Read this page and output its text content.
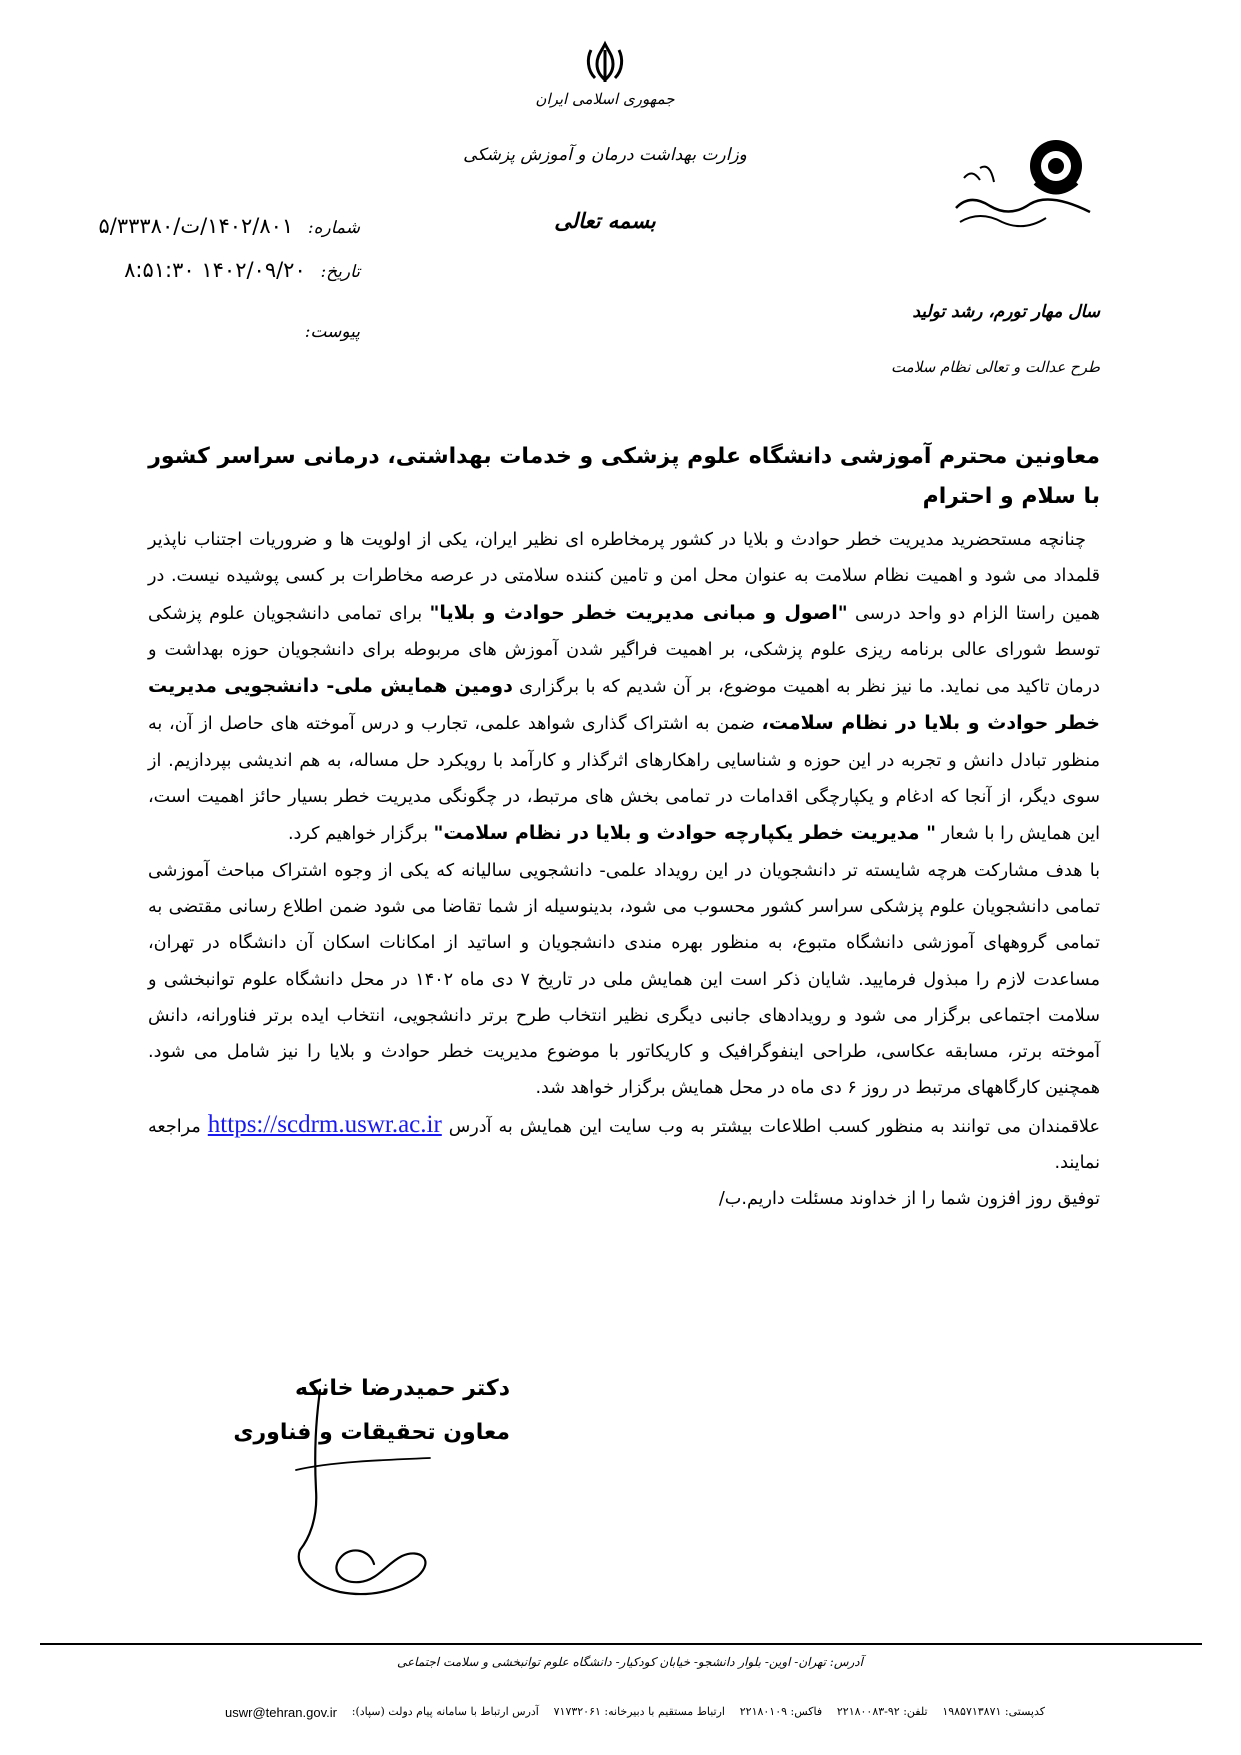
جمهوری اسلامی ایران
وزارت بهداشت درمان و آموزش پزشکی
بسمه تعالی
سال مهار تورم، رشد تولید
طرح عدالت و تعالی نظام سلامت
شماره: ۱۴۰۲/۸۰۱/ت/۵/۳۳۳۸۰
تاریخ: ۱۴۰۲/۰۹/۲۰ ۸:۵۱:۳۰
پیوست:
معاونین محترم آموزشی دانشگاه علوم پزشکی و خدمات بهداشتی، درمانی سراسر کشور
با سلام و احترام

چنانچه مستحضرید مدیریت خطر حوادث و بلایا در کشور پرمخاطره ای نظیر ایران، یکی از اولویت ها و ضروریات اجتناب ناپذیر قلمداد می شود و اهمیت نظام سلامت به عنوان محل امن و تامین کننده سلامتی در عرصه مخاطرات بر کسی پوشیده نیست. در همین راستا الزام دو واحد درسی "اصول و مبانی مدیریت خطر حوادث و بلایا" برای تمامی دانشجویان علوم پزشکی توسط شورای عالی برنامه ریزی علوم پزشکی، بر اهمیت فراگیر شدن آموزش های مربوطه برای دانشجویان حوزه بهداشت و درمان تاکید می نماید. ما نیز نظر به اهمیت موضوع، بر آن شدیم که با برگزاری دومین همایش ملی- دانشجویی مدیریت خطر حوادث و بلایا در نظام سلامت، ضمن به اشتراک گذاری شواهد علمی، تجارب و درس آموخته های حاصل از آن، به منظور تبادل دانش و تجربه در این حوزه و شناسایی راهکارهای اثرگذار و کارآمد با رویکرد حل مساله، به هم اندیشی بپردازیم. از سوی دیگر، از آنجا که ادغام و یکپارچگی اقدامات در تمامی بخش های مرتبط، در چگونگی مدیریت خطر بسیار حائز اهمیت است، این همایش را با شعار " مدیریت خطر یکپارچه حوادث و بلایا در نظام سلامت" برگزار خواهیم کرد.

با هدف مشارکت هرچه شایسته تر دانشجویان در این رویداد علمی- دانشجویی سالیانه که یکی از وجوه اشتراک مباحث آموزشی تمامی دانشجویان علوم پزشکی سراسر کشور محسوب می شود، بدینوسیله از شما تقاضا می شود ضمن اطلاع رسانی مقتضی به تمامی گروههای آموزشی دانشگاه متبوع، به منظور بهره مندی دانشجویان و اساتید از امکانات اسکان آن دانشگاه در تهران، مساعدت لازم را مبذول فرمایید. شایان ذکر است این همایش ملی در تاریخ ۷ دی ماه ۱۴۰۲ در محل دانشگاه علوم توانبخشی و سلامت اجتماعی برگزار می شود و رویدادهای جانبی دیگری نظیر انتخاب طرح برتر دانشجویی، انتخاب ایده برتر فناورانه، دانش آموخته برتر، مسابقه عکاسی، طراحی اینفوگرافیک و کاریکاتور با موضوع مدیریت خطر حوادث و بلایا را نیز شامل می شود. همچنین کارگاههای مرتبط در روز ۶ دی ماه در محل همایش برگزار خواهد شد.

علاقمندان می توانند به منظور کسب اطلاعات بیشتر به وب سایت این همایش به آدرس https://scdrm.uswr.ac.ir مراجعه نمایند.

توفیق روز افزون شما را از خداوند مسئلت داریم.ب/

دکتر حمیدرضا خانکه
معاون تحقیقات و فناوری
آدرس: تهران- اوین- بلوار دانشجو- خیابان کودکیار- دانشگاه علوم توانبخشی و سلامت اجتماعی
کدپستی: ۱۹۸۵۷۱۳۸۷۱
تلفن: ۹۲-۲۲۱۸۰۰۸۳
فاکس: ۲۲۱۸۰۱۰۹
ارتباط مستقیم با دبیرخانه: ۷۱۷۳۲۰۶۱
آدرس ارتباط با سامانه پیام دولت (سپاد):
uswr@tehran.gov.ir
